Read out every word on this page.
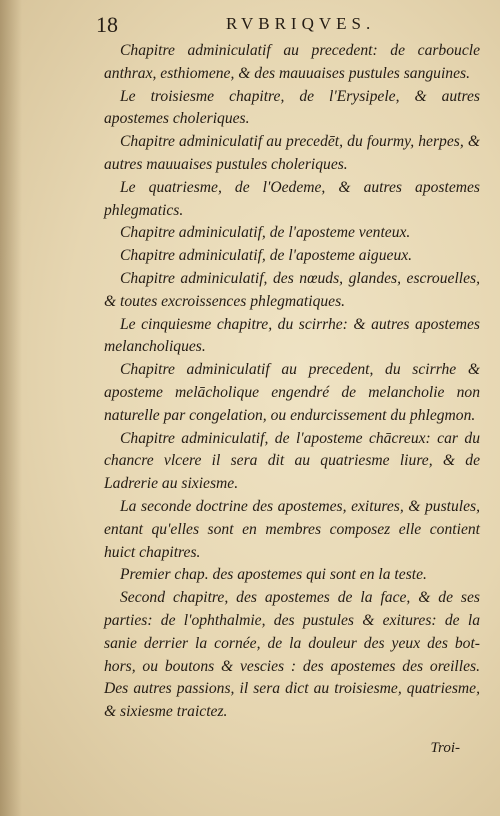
18	RVBRIQVES.

Chapitre adminiculatif au precedent: de carboucle anthrax, esthiomene, & des mauuaises pustules sanguines.

Le troisiesme chapitre, de l'Erysipele, & autres apostemes choleriques.

Chapitre adminiculatif au precedēt, du fourmy, herpes, & autres mauuaises pustules choleriques.

Le quatriesme, de l'Oedeme, & autres apostemes phlegmatics.

Chapitre adminiculatif, de l'aposteme venteux.

Chapitre adminiculatif, de l'aposteme aigueux.

Chapitre adminiculatif, des nœuds, glandes, escrouelles, & toutes excroissences phlegmatiques.

Le cinquiesme chapitre, du scirrhe: & autres apostemes melancholiques.

Chapitre adminiculatif au precedent, du scirrhe & aposteme melācholique engendré de melancholie non naturelle par congelation, ou endurcissement du phlegmon.

Chapitre adminiculatif, de l'aposteme chācreux: car du chancre vlcere il sera dit au quatriesme liure, & de Ladrerie au sixiesme.

La seconde doctrine des apostemes, exitures, & pustules, entant qu'elles sont en membres composez elle contient huict chapitres.

Premier chap. des apostemes qui sont en la teste.

Second chapitre, des apostemes de la face, & de ses parties: de l'ophthalmie, des pustules & exitures: de la sanie derrier la cornée, de la douleur des yeux des bot-hors, ou boutons & vescies : des apostemes des oreilles. Des autres passions, il sera dict au troisiesme, quatriesme, & sixiesme traictez.

Troi-
